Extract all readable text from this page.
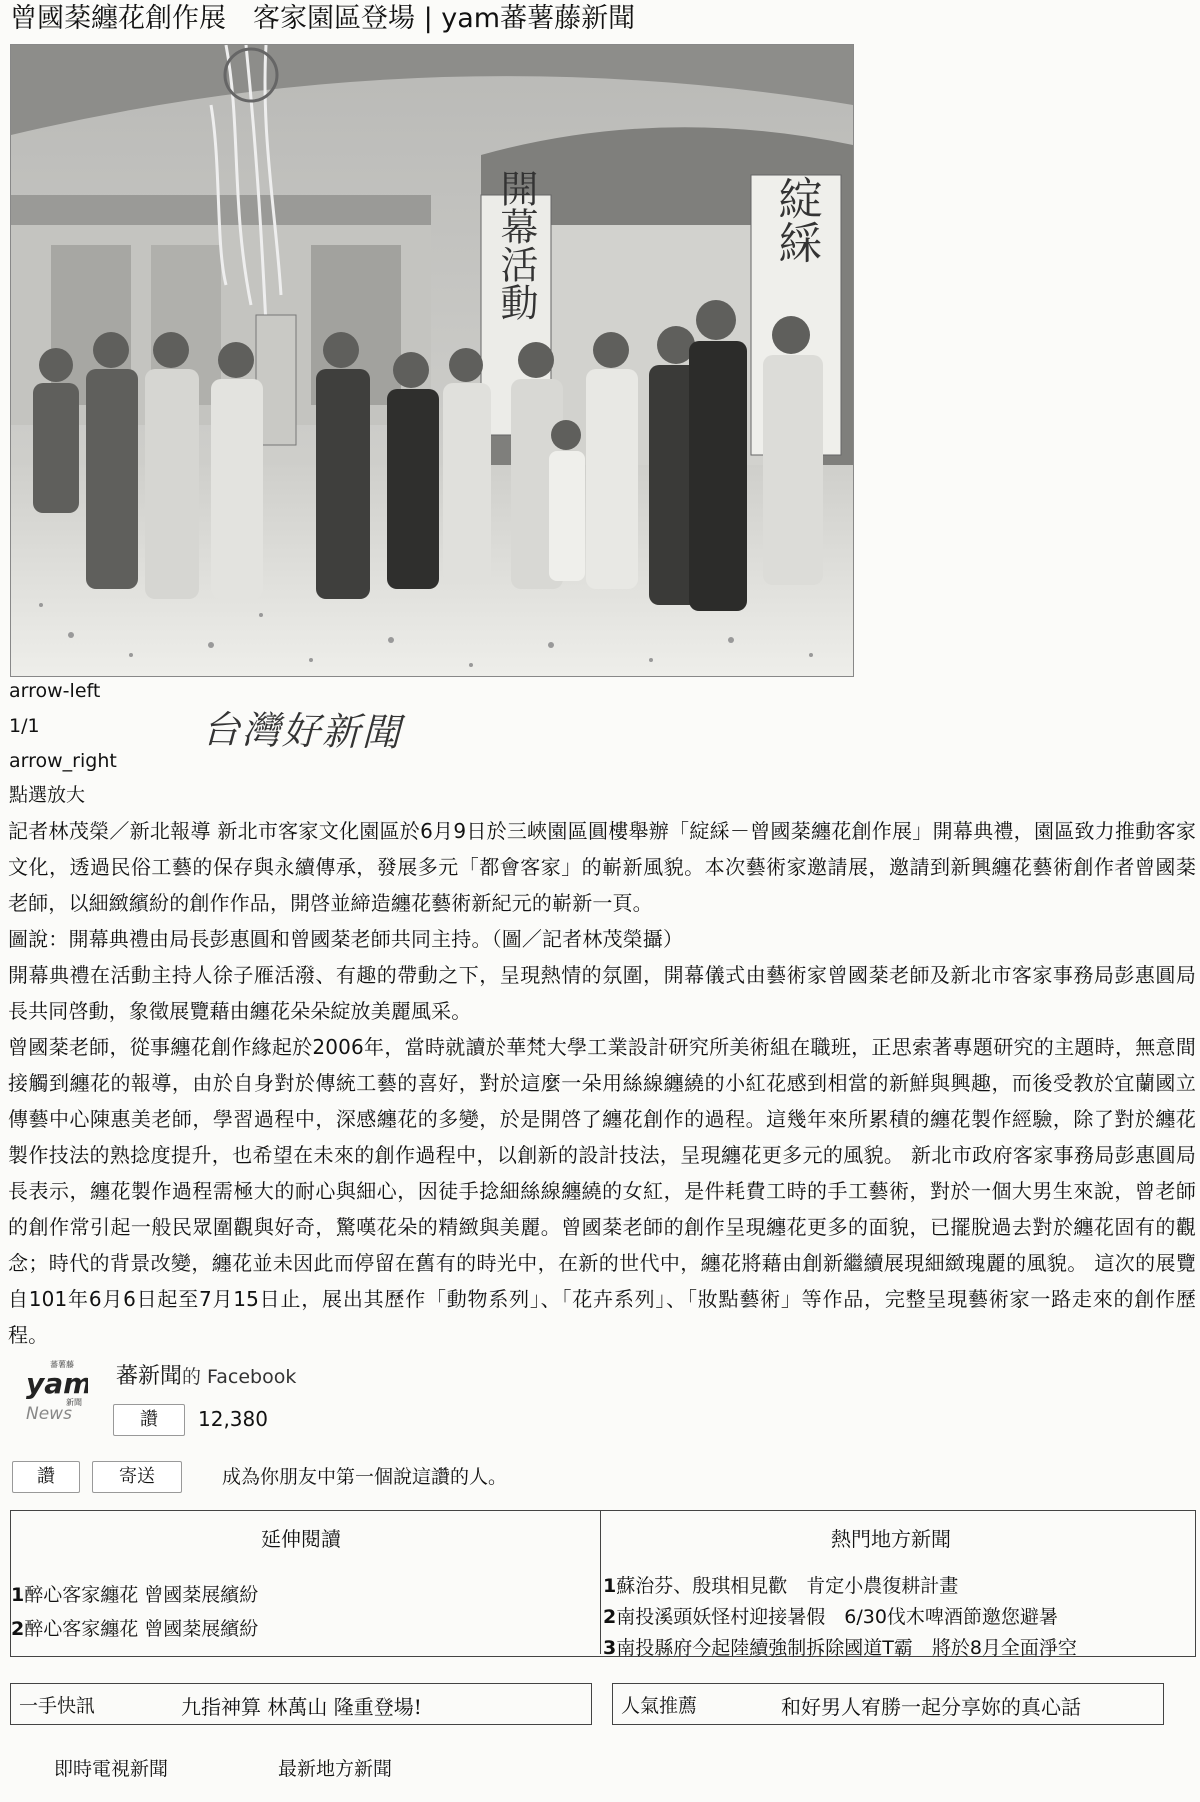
曾國棻纏花創作展　客家園區登場 | yam蕃薯藤新聞
開幕活動	綻綵
arrow-left
1/1
arrow_right
點選放大
台灣好新聞

記者林茂榮／新北報導 新北市客家文化園區於6月9日於三峽園區圓樓舉辦「綻綵－曾國棻纏花創作展」開幕典禮，園區致力推動客家文化，透過民俗工藝的保存與永續傳承，發展多元「都會客家」的嶄新風貌。本次藝術家邀請展，邀請到新興纏花藝術創作者曾國棻老師，以細緻繽紛的創作作品，開啓並締造纏花藝術新紀元的嶄新一頁。

圖說：開幕典禮由局長彭惠圓和曾國棻老師共同主持。（圖／記者林茂榮攝）

開幕典禮在活動主持人徐子雁活潑、有趣的帶動之下，呈現熱情的氛圍，開幕儀式由藝術家曾國棻老師及新北市客家事務局彭惠圓局長共同啓動，象徵展覽藉由纏花朵朵綻放美麗風采。

曾國棻老師，從事纏花創作緣起於2006年，當時就讀於華梵大學工業設計研究所美術組在職班，正思索著專題研究的主題時，無意間接觸到纏花的報導，由於自身對於傳統工藝的喜好，對於這麼一朵用絲線纏繞的小紅花感到相當的新鮮與興趣，而後受教於宜蘭國立傳藝中心陳惠美老師，學習過程中，深感纏花的多變，於是開啓了纏花創作的過程。這幾年來所累積的纏花製作經驗，除了對於纏花製作技法的熟捻度提升，也希望在未來的創作過程中，以創新的設計技法，呈現纏花更多元的風貌。 新北市政府客家事務局彭惠圓局長表示，纏花製作過程需極大的耐心與細心，因徒手捻細絲線纏繞的女紅，是件耗費工時的手工藝術，對於一個大男生來說，曾老師的創作常引起一般民眾圍觀與好奇，驚嘆花朵的精緻與美麗。曾國棻老師的創作呈現纏花更多的面貌，已擺脫過去對於纏花固有的觀念；時代的背景改變，纏花並未因此而停留在舊有的時光中，在新的世代中，纏花將藉由創新繼續展現細緻瑰麗的風貌。 這次的展覽自101年6月6日起至7月15日止，展出其歷作「動物系列」、「花卉系列」、「妝點藝術」等作品，完整呈現藝術家一路走來的創作歷程。

蕃薯藤
yam
新聞
News
蕃新聞的 Facebook
讚	12,380
讚	寄送	成為你朋友中第一個說這讚的人。
延伸閱讀	熱門地方新聞
1醉心客家纏花 曾國棻展繽紛
2醉心客家纏花 曾國棻展繽紛
1蘇治芬、殷琪相見歡　肯定小農復耕計畫
2南投溪頭妖怪村迎接暑假　6/30伐木啤酒節邀您避暑
3南投縣府今起陸續強制拆除國道T霸　將於8月全面淨空
一手快訊	九指神算 林萬山 隆重登場!	人氣推薦	和好男人宥勝一起分享妳的真心話
即時電視新聞	最新地方新聞
